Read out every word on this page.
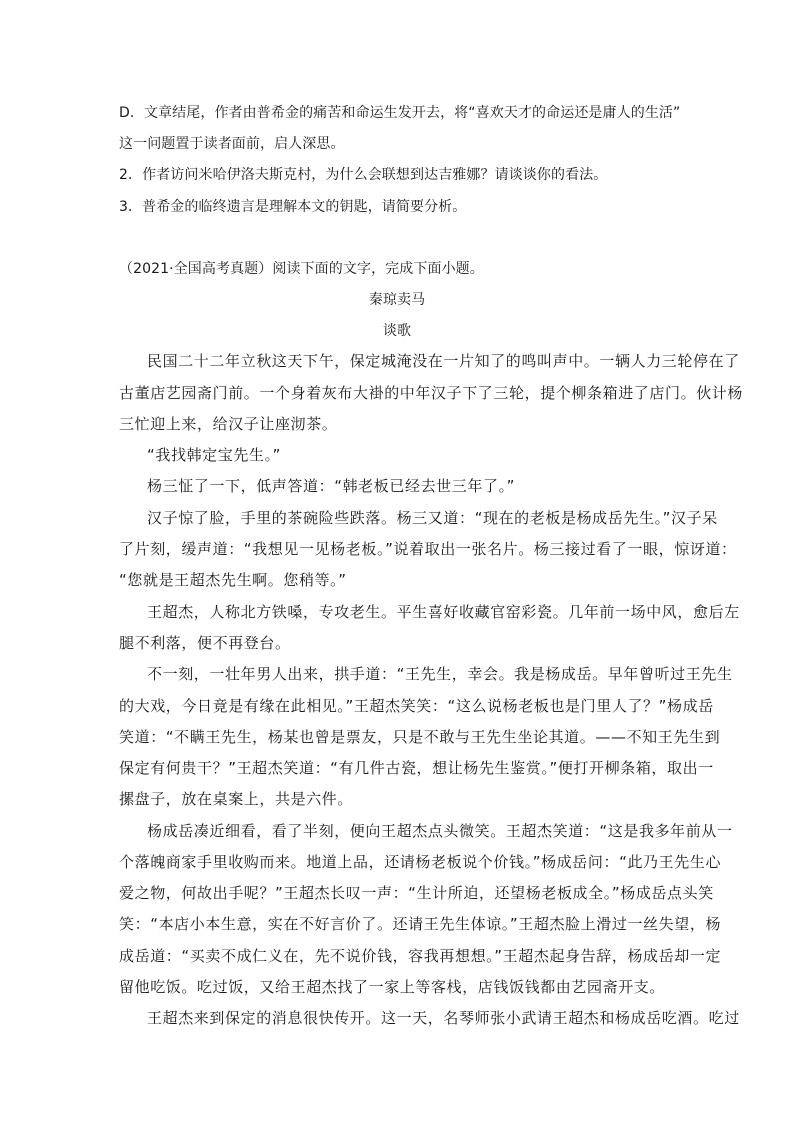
D．文章结尾，作者由普希金的痛苦和命运生发开去，将“喜欢天才的命运还是庸人的生活”
这一问题置于读者面前，启人深思。
2．作者访问米哈伊洛夫斯克村，为什么会联想到达吉雅娜？请谈谈你的看法。
3．普希金的临终遗言是理解本文的钥匙，请简要分析。
（2021·全国高考真题）阅读下面的文字，完成下面小题。
秦琼卖马
谈歌
民国二十二年立秋这天下午，保定城淹没在一片知了的鸣叫声中。一辆人力三轮停在了
古董店艺园斋门前。一个身着灰布大褂的中年汉子下了三轮，提个柳条箱进了店门。伙计杨
三忙迎上来，给汉子让座沏茶。
“我找韩定宝先生。”
杨三怔了一下，低声答道：“韩老板已经去世三年了。”
汉子惊了脸，手里的茶碗险些跌落。杨三又道：“现在的老板是杨成岳先生。”汉子呆
了片刻，缓声道：“我想见一见杨老板。”说着取出一张名片。杨三接过看了一眼，惊讶道：
“您就是王超杰先生啊。您稍等。”
王超杰，人称北方铁嗓，专攻老生。平生喜好收藏官窑彩瓷。几年前一场中风，愈后左
腿不利落，便不再登台。
不一刻，一壮年男人出来，拱手道：“王先生，幸会。我是杨成岳。早年曾听过王先生
的大戏，今日竟是有缘在此相见。”王超杰笑笑：“这么说杨老板也是门里人了？”杨成岳
笑道：“不瞒王先生，杨某也曾是票友，只是不敢与王先生坐论其道。——不知王先生到
保定有何贵干？”王超杰笑道：“有几件古瓷，想让杨先生鉴赏。”便打开柳条箱，取出一
摞盘子，放在桌案上，共是六件。
杨成岳凑近细看，看了半刻，便向王超杰点头微笑。王超杰笑道：“这是我多年前从一
个落魄商家手里收购而来。地道上品，还请杨老板说个价钱。”杨成岳问：“此乃王先生心
爱之物，何故出手呢？”王超杰长叹一声：“生计所迫，还望杨老板成全。”杨成岳点头笑
笑：“本店小本生意，实在不好言价了。还请王先生体谅。”王超杰脸上滑过一丝失望，杨
成岳道：“买卖不成仁义在，先不说价钱，容我再想想。”王超杰起身告辞，杨成岳却一定
留他吃饭。吃过饭，又给王超杰找了一家上等客栈，店钱饭钱都由艺园斋开支。
王超杰来到保定的消息很快传开。这一天，名琴师张小武请王超杰和杨成岳吃酒。吃过
